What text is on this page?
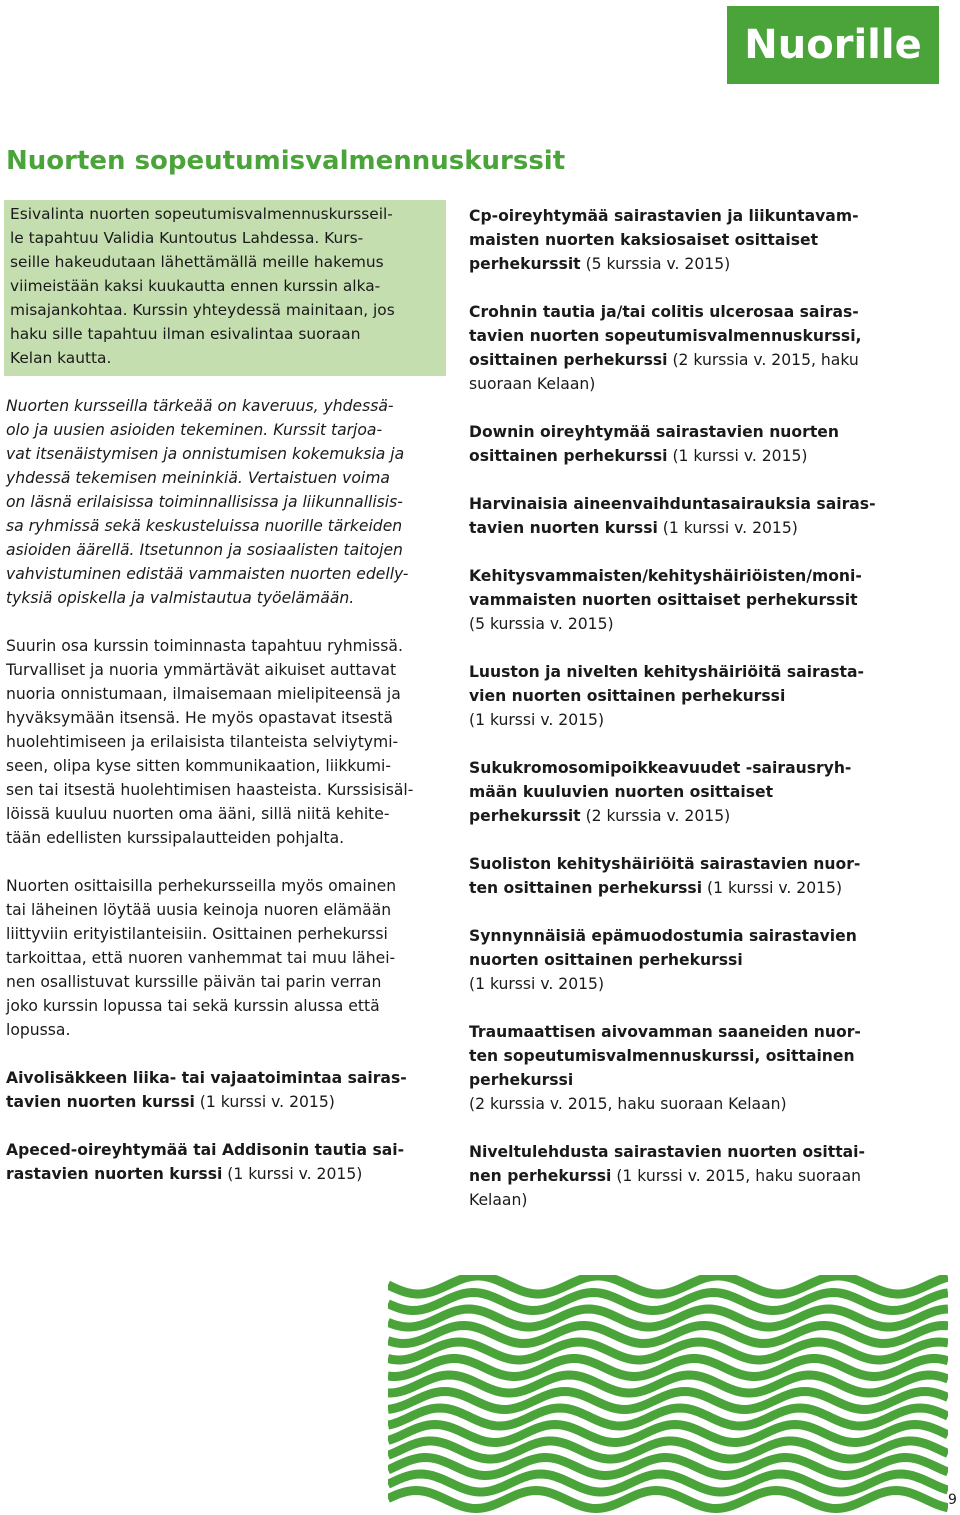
Nuorille
Nuorten sopeutumisvalmennuskurssit

Esivalinta nuorten sopeutumisvalmennuskursseil-
le tapahtuu Validia Kuntoutus Lahdessa. Kurs-
seille hakeudutaan lähettämällä meille hakemus
viimeistään kaksi kuukautta ennen kurssin alka-
misajankohtaa. Kurssin yhteydessä mainitaan, jos
haku sille tapahtuu ilman esivalintaa suoraan
Kelan kautta.

Nuorten kursseilla tärkeää on kaveruus, yhdessä-
olo ja uusien asioiden tekeminen. Kurssit tarjoa-
vat itsenäistymisen ja onnistumisen kokemuksia ja
yhdessä tekemisen meininkiä. Vertaistuen voima
on läsnä erilaisissa toiminnallisissa ja liikunnallisis-
sa ryhmissä sekä keskusteluissa nuorille tärkeiden
asioiden äärellä. Itsetunnon ja sosiaalisten taitojen
vahvistuminen edistää vammaisten nuorten edelly-
tyksiä opiskella ja valmistautua työelämään.

Suurin osa kurssin toiminnasta tapahtuu ryhmissä.
Turvalliset ja nuoria ymmärtävät aikuiset auttavat
nuoria onnistumaan, ilmaisemaan mielipiteensä ja
hyväksymään itsensä. He myös opastavat itsestä
huolehtimiseen ja erilaisista tilanteista selviytymi-
seen, olipa kyse sitten kommunikaation, liikkumi-
sen tai itsestä huolehtimisen haasteista. Kurssisisäl-
löissä kuuluu nuorten oma ääni, sillä niitä kehite-
tään edellisten kurssipalautteiden pohjalta.

Nuorten osittaisilla perhekursseilla myös omainen
tai läheinen löytää uusia keinoja nuoren elämään
liittyviin erityistilanteisiin. Osittainen perhekurssi
tarkoittaa, että nuoren vanhemmat tai muu lähei-
nen osallistuvat kurssille päivän tai parin verran
joko kurssin lopussa tai sekä kurssin alussa että
lopussa.

Aivolisäkkeen liika- tai vajaatoimintaa sairas-
tavien nuorten kurssi (1 kurssi v. 2015)

Apeced-oireyhtymää tai Addisonin tautia sai-
rastavien nuorten kurssi (1 kurssi v. 2015)

Cp-oireyhtymää sairastavien ja liikuntavam-
maisten nuorten kaksiosaiset osittaiset
perhekurssit (5 kurssia v. 2015)

Crohnin tautia ja/tai colitis ulcerosaa sairas-
tavien nuorten sopeutumisvalmennuskurssi,
osittainen perhekurssi (2 kurssia v. 2015, haku
suoraan Kelaan)

Downin oireyhtymää sairastavien nuorten
osittainen perhekurssi (1 kurssi v. 2015)

Harvinaisia aineenvaihduntasairauksia sairas-
tavien nuorten kurssi (1 kurssi v. 2015)

Kehitysvammaisten/kehityshäiriöisten/moni-
vammaisten nuorten osittaiset perhekurssit
(5 kurssia v. 2015)

Luuston ja nivelten kehityshäiriöitä sairasta-
vien nuorten osittainen perhekurssi
(1 kurssi v. 2015)

Sukukromosomipoikkeavuudet -sairausryh-
mään kuuluvien nuorten osittaiset
perhekurssit (2 kurssia v. 2015)

Suoliston kehityshäiriöitä sairastavien nuor-
ten osittainen perhekurssi (1 kurssi v. 2015)

Synnynnäisiä epämuodostumia sairastavien
nuorten osittainen perhekurssi
(1 kurssi v. 2015)

Traumaattisen aivovamman saaneiden nuor-
ten sopeutumisvalmennuskurssi, osittainen
perhekurssi
(2 kurssia v. 2015, haku suoraan Kelaan)

Niveltulehdusta sairastavien nuorten osittai-
nen perhekurssi (1 kurssi v. 2015, haku suoraan
Kelaan)

9
